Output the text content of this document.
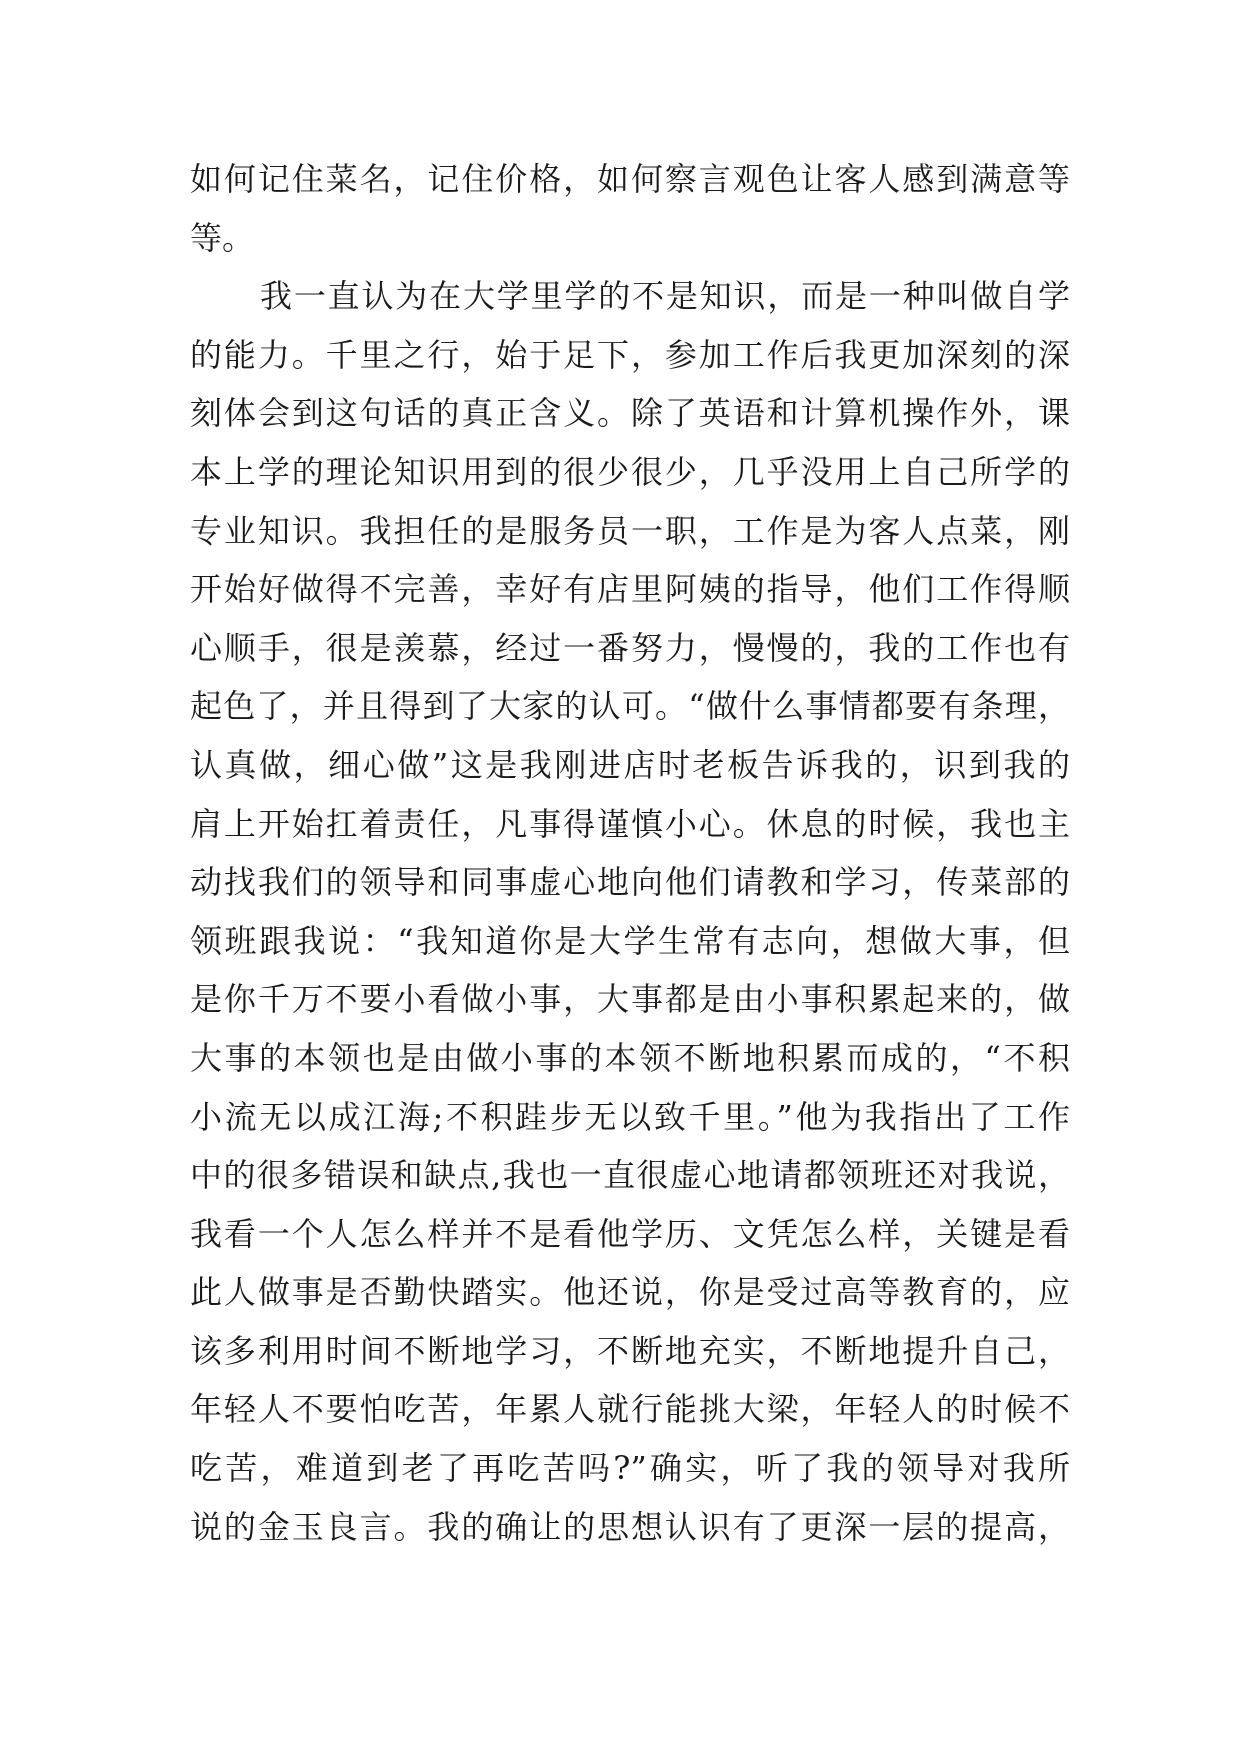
如何记住菜名，记住价格，如何察言观色让客人感到满意等
等。
我一直认为在大学里学的不是知识，而是一种叫做自学
的能力。千里之行，始于足下，参加工作后我更加深刻的深
刻体会到这句话的真正含义。除了英语和计算机操作外，课
本上学的理论知识用到的很少很少，几乎没用上自己所学的
专业知识。我担任的是服务员一职，工作是为客人点菜，刚
开始好做得不完善，幸好有店里阿姨的指导，他们工作得顺
心顺手，很是羡慕，经过一番努力，慢慢的，我的工作也有
起色了，并且得到了大家的认可。“做什么事情都要有条理，
认真做，细心做”这是我刚进店时老板告诉我的，识到我的
肩上开始扛着责任，凡事得谨慎小心。休息的时候，我也主
动找我们的领导和同事虚心地向他们请教和学习，传菜部的
领班跟我说：“我知道你是大学生常有志向，想做大事，但
是你千万不要小看做小事，大事都是由小事积累起来的，做
大事的本领也是由做小事的本领不断地积累而成的，“不积
小流无以成江海;不积跬步无以致千里。”他为我指出了工作
中的很多错误和缺点,我也一直很虚心地请都领班还对我说，
我看一个人怎么样并不是看他学历、文凭怎么样，关键是看
此人做事是否勤快踏实。他还说，你是受过高等教育的，应
该多利用时间不断地学习，不断地充实，不断地提升自己，
年轻人不要怕吃苦，年累人就行能挑大梁，年轻人的时候不
吃苦，难道到老了再吃苦吗?”确实，听了我的领导对我所
说的金玉良言。我的确让的思想认识有了更深一层的提高，
